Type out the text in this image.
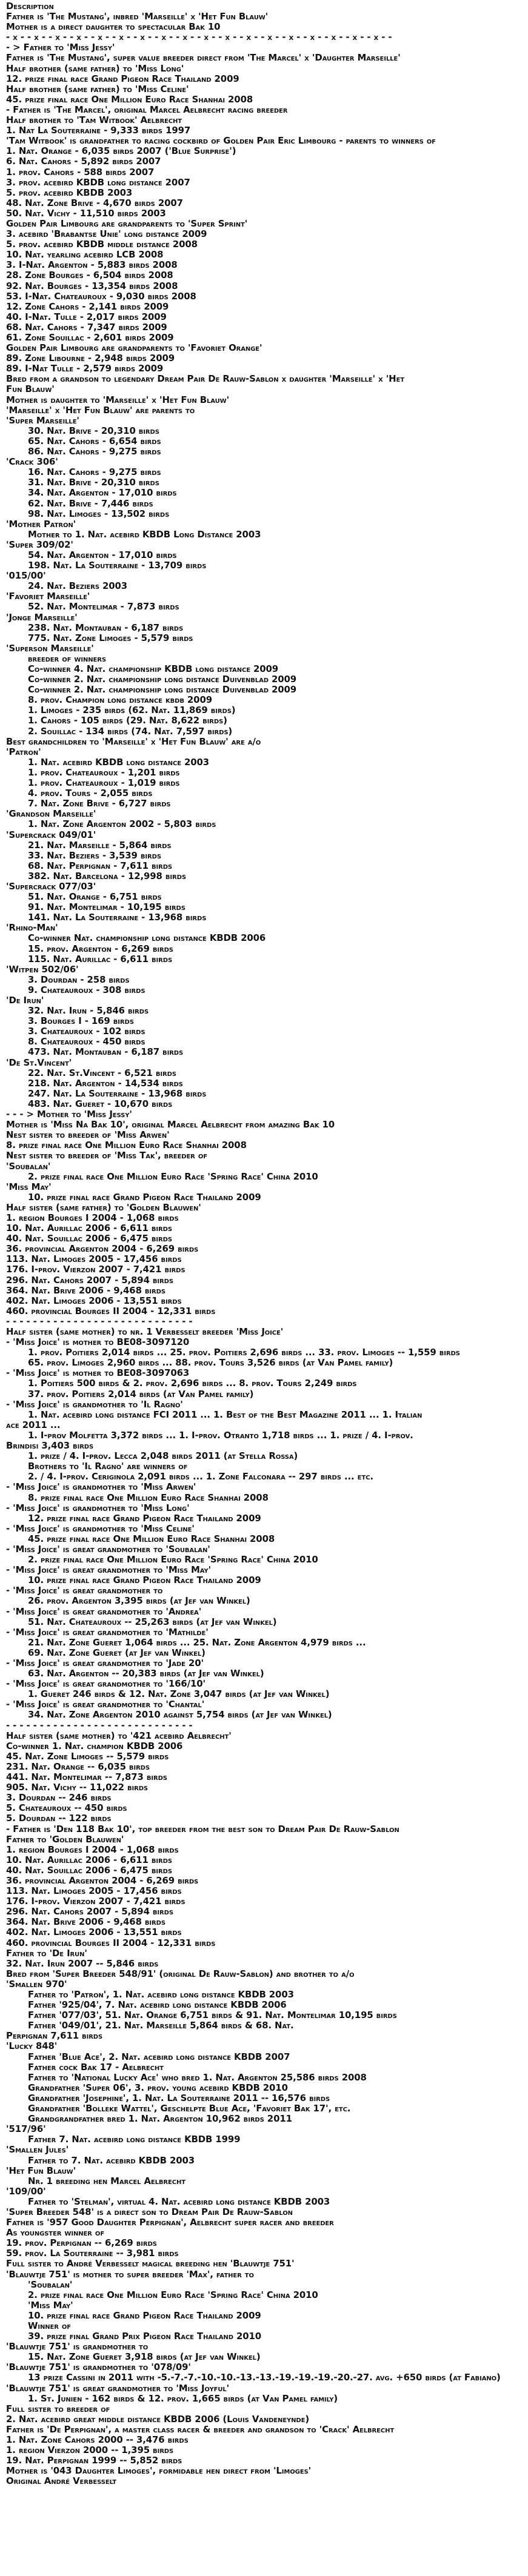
Description
Father is 'The Mustang', inbred 'Marseille' x 'Het Fun Blauw'
Mother is a direct daughter to spectacular Bak 10
- x - - x - - x - - x - - x - - x - - x - - x - - x - - x - - x - - x - - x - - x - - x - - x - - x - - x - -
- > Father to 'Miss Jessy'
Father is 'The Mustang', super value breeder direct from 'The Marcel' x 'Daughter Marseille'
Half brother (same father) to 'Miss Long'
12. prize final race Grand Pigeon Race Thailand 2009
Half brother (same father) to 'Miss Celine'
45. prize final race One Million Euro Race Shanhai 2008
- Father is 'The Marcel', original Marcel Aelbrecht racing breeder
Half brother to 'Tam Witbook' Aelbrecht
1. Nat La Souterraine - 9,333 birds 1997
'Tam Witbook' is grandfather to racing cockbird of Golden Pair Eric Limbourg - parents to winners of
1. Nat. Orange - 6,035 birds 2007 ('Blue Surprise')
6. Nat. Cahors - 5,892 birds 2007
1. prov. Cahors - 588 birds 2007
3. prov. acebird KBDB long distance 2007
5. prov. acebird KBDB 2003
48. Nat. Zone Brive - 4,670 birds 2007
50. Nat. Vichy - 11,510 birds 2003
Golden Pair Limbourg are grandparents to 'Super Sprint'
3. acebird 'Brabantse Unie' long distance 2009
5. prov. acebird KBDB middle distance 2008
10. Nat. yearling acebird LCB 2008
3. I-Nat. Argenton - 5,883 birds 2008
28. Zone Bourges - 6,504 birds 2008
92. Nat. Bourges - 13,354 birds 2008
53. I-Nat. Chateauroux - 9,030 birds 2008
12. Zone Cahors - 2,141 birds 2009
40. I-Nat. Tulle - 2,017 birds 2009
68. Nat. Cahors - 7,347 birds 2009
61. Zone Souillac - 2,601 birds 2009
Golden Pair Limbourg are grandparents to 'Favoriet Orange'
89. Zone Libourne - 2,948 birds 2009
89. I-Nat Tulle - 2,579 birds 2009
Bred from a grandson to legendary Dream Pair De Rauw-Sablon x daughter 'Marseille' x 'Het
Fun Blauw'
Mother is daughter to 'Marseille' x 'Het Fun Blauw'
'Marseille' x 'Het Fun Blauw' are parents to
'Super Marseille'
30. Nat. Brive - 20,310 birds
65. Nat. Cahors - 6,654 birds
86. Nat. Cahors - 9,275 birds
'Crack 306'
16. Nat. Cahors - 9,275 birds
31. Nat. Brive - 20,310 birds
34. Nat. Argenton - 17,010 birds
62. Nat. Brive - 7,446 birds
98. Nat. Limoges - 13,502 birds
'Mother Patron'
Mother to 1. Nat. acebird KBDB Long Distance 2003
'Super 309/02'
54. Nat. Argenton - 17,010 birds
198. Nat. La Souterraine - 13,709 birds
'015/00'
24. Nat. Beziers 2003
'Favoriet Marseille'
52. Nat. Montelimar - 7,873 birds
'Jonge Marseille'
238. Nat. Montauban - 6,187 birds
775. Nat. Zone Limoges - 5,579 birds
'Superson Marseille'
breeder of winners
Co-winner 4. Nat. championship KBDB long distance 2009
Co-winner 2. Nat. championship long distance Duivenblad 2009
Co-winner 2. Nat. championship long distance Duivenblad 2009
8. prov. Champion long distance kbdb 2009
1. Limoges - 235 birds (62. Nat. 11,869 birds)
1. Cahors - 105 birds (29. Nat. 8,622 birds)
2. Souillac - 134 birds (74. Nat. 7,597 birds)
Best grandchildren to 'Marseille' x 'Het Fun Blauw' are a/o
'Patron'
1. Nat. acebird KBDB long distance 2003
1. prov. Chateauroux - 1,201 birds
1. prov. Chateauroux - 1,019 birds
4. prov. Tours - 2,055 birds
7. Nat. Zone Brive - 6,727 birds
'Grandson Marseille'
1. Nat. Zone Argenton 2002 - 5,803 birds
'Supercrack 049/01'
21. Nat. Marseille - 5,864 birds
33. Nat. Beziers - 3,539 birds
68. Nat. Perpignan - 7,611 birds
382. Nat. Barcelona - 12,998 birds
'Supercrack 077/03'
51. Nat. Orange - 6,751 birds
91. Nat. Montelimar - 10,195 birds
141. Nat. La Souterraine - 13,968 birds
'Rhino-Man'
Co-winner Nat. championship long distance KBDB 2006
15. prov. Argenton - 6,269 birds
115. Nat. Aurillac - 6,611 birds
'Witpen 502/06'
3. Dourdan - 258 birds
9. Chateauroux - 308 birds
'De Irun'
32. Nat. Irun - 5,846 birds
3. Bourges I - 169 birds
3. Chateauroux - 102 birds
8. Chateauroux - 450 birds
473. Nat. Montauban - 6,187 birds
'De St.Vincent'
22. Nat. St.Vincent - 6,521 birds
218. Nat. Argenton - 14,534 birds
247. Nat. La Souterraine - 13,968 birds
483. Nat. Gueret - 10,670 birds
- - - > Mother to 'Miss Jessy'
Mother is 'Miss Na Bak 10', original Marcel Aelbrecht from amazing Bak 10
Nest sister to breeder of 'Miss Arwen'
8. prize final race One Million Euro Race Shanhai 2008
Nest sister to breeder of 'Miss Tak', breeder of
'Soubalan'
2. prize final race One Million Euro Race 'Spring Race' China 2010
'Miss May'
10. prize final race Grand Pigeon Race Thailand 2009
Half sister (same father) to 'Golden Blauwen'
1. region Bourges I 2004 - 1,068 birds
10. Nat. Aurillac 2006 - 6,611 birds
40. Nat. Souillac 2006 - 6,475 birds
36. provincial Argenton 2004 - 6,269 birds
113. Nat. Limoges 2005 - 17,456 birds
176. I-prov. Vierzon 2007 - 7,421 birds
296. Nat. Cahors 2007 - 5,894 birds
364. Nat. Brive 2006 - 9,468 birds
402. Nat. Limoges 2006 - 13,551 birds
460. provincial Bourges II 2004 - 12,331 birds
- - - - - - - - - - - - - - - - - - - - - - - - - - - -
Half sister (same mother) to nr. 1 Verbesselt breeder 'Miss Joice'
- 'Miss Joice' is mother to BE08-3097120
1. prov. Poitiers 2,014 birds ... 25. prov. Poitiers 2,696 birds ... 33. prov. Limoges -- 1,559 birds
65. prov. Limoges 2,960 birds ... 88. prov. Tours 3,526 birds (at Van Pamel family)
- 'Miss Joice' is mother to BE08-3097063
1. Poitiers 500 birds & 2. prov. 2,696 birds ... 8. prov. Tours 2,249 birds
37. prov. Poitiers 2,014 birds (at Van Pamel family)
- 'Miss Joice' is grandmother to 'Il Ragno'
1. Nat. acebird long distance FCI 2011 ... 1. Best of the Best Magazine 2011 ... 1. Italian
ace 2011 ...
1. I-prov Molfetta 3,372 birds ... 1. I-prov. Otranto 1,718 birds ... 1. prize / 4. I-prov.
Brindisi 3,403 birds
1. prize / 4. I-prov. Lecca 2,048 birds 2011 (at Stella Rossa)
Brothers to 'Il Ragno' are winners of
2. / 4. I-prov. Ceriginola 2,091 birds ... 1. Zone Falconara -- 297 birds ... etc.
- 'Miss Joice' is grandmother to 'Miss Arwen'
8. prize final race One Million Euro Race Shanhai 2008
- 'Miss Joice' is grandmother to 'Miss Long'
12. prize final race Grand Pigeon Race Thailand 2009
- 'Miss Joice' is grandmother to 'Miss Celine'
45. prize final race One Million Euro Race Shanhai 2008
- 'Miss Joice' is great grandmother to 'Soubalan'
2. prize final race One Million Euro Race 'Spring Race' China 2010
- 'Miss Joice' is great grandmother to 'Miss May'
10. prize final race Grand Pigeon Race Thailand 2009
- 'Miss Joice' is great grandmother to
26. prov. Argenton 3,395 birds (at Jef van Winkel)
- 'Miss Joice' is great grandmother to 'Andrea'
51. Nat. Chateauroux -- 25,263 birds (at Jef van Winkel)
- 'Miss Joice' is great grandmother to 'Mathilde'
21. Nat. Zone Gueret 1,064 birds ... 25. Nat. Zone Argenton 4,979 birds ...
69. Nat. Zone Gueret (at Jef van Winkel)
- 'Miss Joice' is great grandmother to 'Jade 20'
63. Nat. Argenton -- 20,383 birds (at Jef van Winkel)
- 'Miss Joice' is great grandmother to '166/10'
1. Gueret 246 birds & 12. Nat. Zone 3,047 birds (at Jef van Winkel)
- 'Miss Joice' is great grandmother to 'Chantal'
34. Nat. Zone Argenton 2010 against 5,754 birds (at Jef van Winkel)
- - - - - - - - - - - - - - - - - - - - - - - - - - - -
Half sister (same mother) to '421 acebird Aelbrecht'
Co-winner 1. Nat. champion KBDB 2006
45. Nat. Zone Limoges -- 5,579 birds
231. Nat. Orange -- 6,035 birds
441. Nat. Montelimar -- 7,873 birds
905. Nat. Vichy -- 11,022 birds
3. Dourdan -- 246 birds
5. Chateauroux -- 450 birds
5. Dourdan -- 122 birds
- Father is 'Den 118 Bak 10', top breeder from the best son to Dream Pair De Rauw-Sablon
Father to 'Golden Blauwen'
1. region Bourges I 2004 - 1,068 birds
10. Nat. Aurillac 2006 - 6,611 birds
40. Nat. Souillac 2006 - 6,475 birds
36. provincial Argenton 2004 - 6,269 birds
113. Nat. Limoges 2005 - 17,456 birds
176. I-prov. Vierzon 2007 - 7,421 birds
296. Nat. Cahors 2007 - 5,894 birds
364. Nat. Brive 2006 - 9,468 birds
402. Nat. Limoges 2006 - 13,551 birds
460. provincial Bourges II 2004 - 12,331 birds
Father to 'De Irun'
32. Nat. Irun 2007 -- 5,846 birds
Bred from 'Super Breeder 548/91' (original De Rauw-Sablon) and brother to a/o
'Smallen 970'
Father to 'Patron', 1. Nat. acebird long distance KBDB 2003
Father '925/04', 7. Nat. acebird long distance KBDB 2006
Father '077/03', 51. Nat. Orange 6,751 birds & 91. Nat. Montelimar 10,195 birds
Father '049/01', 21. Nat. Marseille 5,864 birds & 68. Nat.
Perpignan 7,611 birds
'Lucky 848'
Father 'Blue Ace', 2. Nat. acebird long distance KBDB 2007
Father cock Bak 17 - Aelbrecht
Father to 'National Lucky Ace' who bred 1. Nat. Argenton 25,586 birds 2008
Grandfather 'Super 06', 3. prov. young acebird KBDB 2010
Grandfather 'Josephine', 1. Nat. La Souterraine 2011 -- 16,576 birds
Grandfather 'Bolleke Wattel', Geschelpte Blue Ace, 'Favoriet Bak 17', etc.
Grandgrandfather bred 1. Nat. Argenton 10,962 birds 2011
'517/96'
Father 7. Nat. acebird long distance KBDB 1999
'Smallen Jules'
Father to 7. Nat. acebird KBDB 2003
'Het Fun Blauw'
Nr. 1 breeding hen Marcel Aelbrecht
'109/00'
Father to 'Stelman', virtual 4. Nat. acebird long distance KBDB 2003
'Super Breeder 548' is a direct son to Dream Pair De Rauw-Sablon
Father is '957 Good Daughter Perpignan', Aelbrecht super racer and breeder
As youngster winner of
19. prov. Perpignan -- 6,269 birds
59. prov. La Souterraine -- 3,981 birds
Full sister to André Verbesselt magical breeding hen 'Blauwtje 751'
'Blauwtje 751' is mother to super breeder 'Max', father to
'Soubalan'
2. prize final race One Million Euro Race 'Spring Race' China 2010
'Miss May'
10. prize final race Grand Pigeon Race Thailand 2009
Winner of
39. prize final Grand Prix Pigeon Race Thailand 2010
'Blauwtje 751' is grandmother to
15. Nat. Zone Gueret 3,918 birds (at Jef van Winkel)
'Blauwtje 751' is grandmother to '078/09'
13 prize Cassini in 2011 with -5.-7.-7.-10.-10.-13.-13.-19.-19.-19.-20.-27. avg. +650 birds (at Fabiano)
'Blauwtje 751' is great grandmother to 'Miss Joyful'
1. St. Junien - 162 birds & 12. prov. 1,665 birds (at Van Pamel family)
Full sister to breeder of
2. Nat. acebird great middle distance KBDB 2006 (Louis Vandeneynde)
Father is 'De Perpignan', a master class racer & breeder and grandson to 'Crack' Aelbrecht
1. Nat. Zone Cahors 2000 -- 3,476 birds
1. region Vierzon 2000 -- 1,395 birds
19. Nat. Perpignan 1999 -- 5,852 birds
Mother is '043 Daughter Limoges', formidable hen direct from 'Limoges'
Original André Verbesselt
